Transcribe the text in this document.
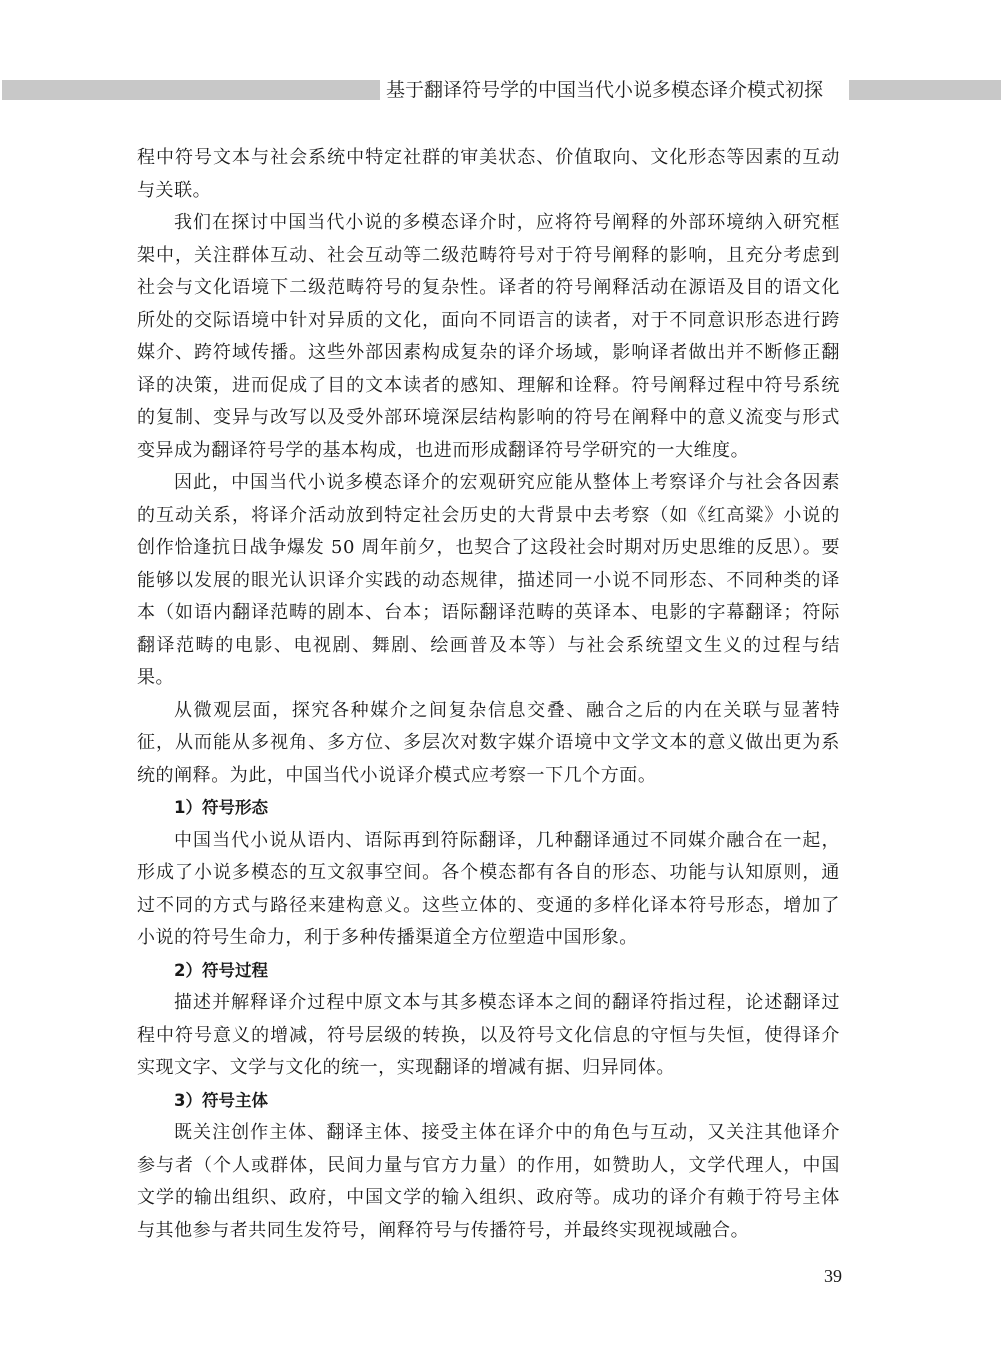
基于翻译符号学的中国当代小说多模态译介模式初探

程中符号文本与社会系统中特定社群的审美状态、价值取向、文化形态等因素的互动与关联。

我们在探讨中国当代小说的多模态译介时，应将符号阐释的外部环境纳入研究框架中，关注群体互动、社会互动等二级范畴符号对于符号阐释的影响，且充分考虑到社会与文化语境下二级范畴符号的复杂性。译者的符号阐释活动在源语及目的语文化所处的交际语境中针对异质的文化，面向不同语言的读者，对于不同意识形态进行跨媒介、跨符域传播。这些外部因素构成复杂的译介场域，影响译者做出并不断修正翻译的决策，进而促成了目的文本读者的感知、理解和诠释。符号阐释过程中符号系统的复制、变异与改写以及受外部环境深层结构影响的符号在阐释中的意义流变与形式变异成为翻译符号学的基本构成，也进而形成翻译符号学研究的一大维度。

因此，中国当代小说多模态译介的宏观研究应能从整体上考察译介与社会各因素的互动关系，将译介活动放到特定社会历史的大背景中去考察（如《红高粱》小说的创作恰逢抗日战争爆发 50 周年前夕，也契合了这段社会时期对历史思维的反思）。要能够以发展的眼光认识译介实践的动态规律，描述同一小说不同形态、不同种类的译本（如语内翻译范畴的剧本、台本；语际翻译范畴的英译本、电影的字幕翻译；符际翻译范畴的电影、电视剧、舞剧、绘画普及本等）与社会系统望文生义的过程与结果。

从微观层面，探究各种媒介之间复杂信息交叠、融合之后的内在关联与显著特征，从而能从多视角、多方位、多层次对数字媒介语境中文学文本的意义做出更为系统的阐释。为此，中国当代小说译介模式应考察一下几个方面。

1）符号形态

中国当代小说从语内、语际再到符际翻译，几种翻译通过不同媒介融合在一起，形成了小说多模态的互文叙事空间。各个模态都有各自的形态、功能与认知原则，通过不同的方式与路径来建构意义。这些立体的、变通的多样化译本符号形态，增加了小说的符号生命力，利于多种传播渠道全方位塑造中国形象。

2）符号过程

描述并解释译介过程中原文本与其多模态译本之间的翻译符指过程，论述翻译过程中符号意义的增减，符号层级的转换，以及符号文化信息的守恒与失恒，使得译介实现文字、文学与文化的统一，实现翻译的增减有据、归异同体。

3）符号主体

既关注创作主体、翻译主体、接受主体在译介中的角色与互动，又关注其他译介参与者（个人或群体，民间力量与官方力量）的作用，如赞助人，文学代理人，中国文学的输出组织、政府，中国文学的输入组织、政府等。成功的译介有赖于符号主体与其他参与者共同生发符号，阐释符号与传播符号，并最终实现视域融合。

39
